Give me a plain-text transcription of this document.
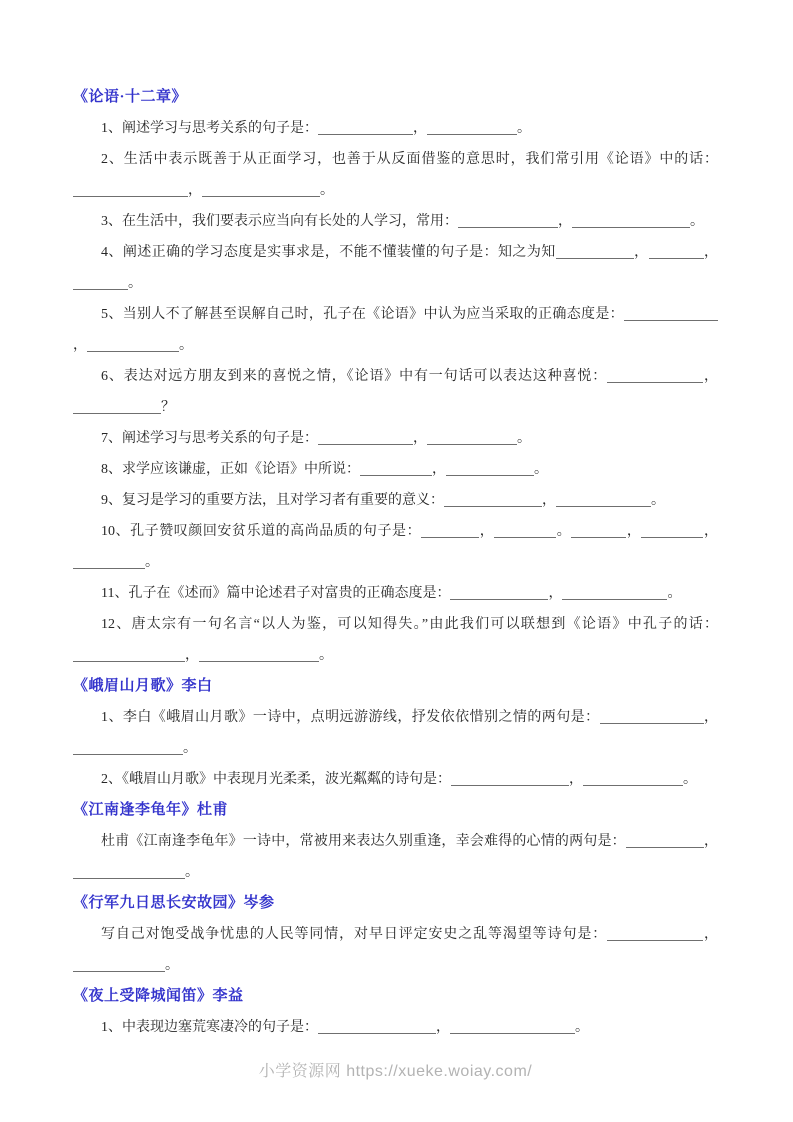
《论语·十二章》

1、阐述学习与思考关系的句子是：	，	。

2、生活中表示既善于从正面学习，也善于从反面借鉴的意思时，我们常引用《论语》中的话：，	。

3、在生活中，我们要表示应当向有长处的人学习，常用：	，	。

4、阐述正确的学习态度是实事求是，不能不懂装懂的句子是：知之为知	，	，。

5、当别人不了解甚至误解自己时，孔子在《论语》中认为应当采取的正确态度是：，	。

6、表达对远方朋友到来的喜悦之情，《论语》中有一句话可以表达这种喜悦：	，？

7、阐述学习与思考关系的句子是：	，	。

8、求学应该谦虚，正如《论语》中所说：	，	。

9、复习是学习的重要方法，且对学习者有重要的意义：	，	。

10、孔子赞叹颜回安贫乐道的高尚品质的句子是：	，	。	，	，。

11、孔子在《述而》篇中论述君子对富贵的正确态度是：	，	。

12、唐太宗有一句名言“以人为鉴，可以知得失。”由此我们可以联想到《论语》中孔子的话：，	。

《峨眉山月歌》李白

1、李白《峨眉山月歌》一诗中，点明远游游线，抒发依依惜别之情的两句是：	，。

2、《峨眉山月歌》中表现月光柔柔，波光粼粼的诗句是：	，	。

《江南逢李龟年》杜甫

杜甫《江南逢李龟年》一诗中，常被用来表达久别重逢，幸会难得的心情的两句是：	，。

《行军九日思长安故园》岑参

写自己对饱受战争忧患的人民等同情，对早日评定安史之乱等渴望等诗句是：	，。

《夜上受降城闻笛》李益

1、中表现边塞荒寒凄冷的句子是：	，	。

小学资源网 https://xueke.woiay.com/
